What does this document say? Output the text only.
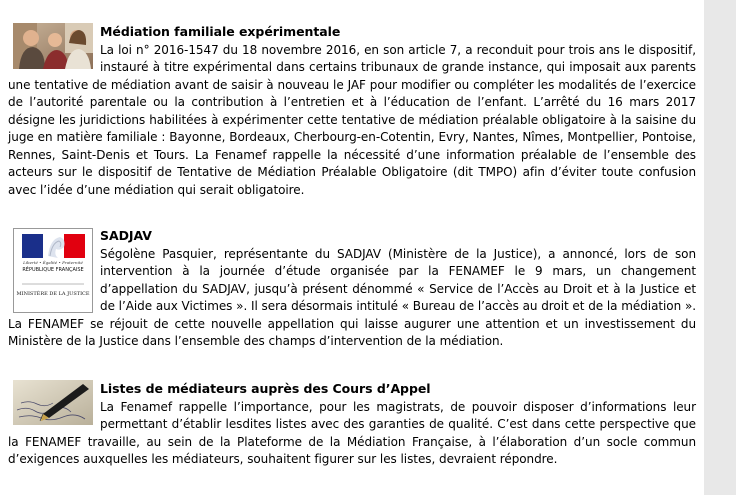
Médiation familiale expérimentale
La loi n° 2016-1547 du 18 novembre 2016, en son article 7, a reconduit pour trois ans le dispositif, instauré à titre expérimental dans certains tribunaux de grande instance, qui imposait aux parents une tentative de médiation avant de saisir à nouveau le JAF pour modifier ou compléter les modalités de l’exercice de l’autorité parentale ou la contribution à l’entretien et à l’éducation de l’enfant. L’arrêté du 16 mars 2017 désigne les juridictions habilitées à expérimenter cette tentative de médiation préalable obligatoire à la saisine du juge en matière familiale : Bayonne, Bordeaux, Cherbourg-en-Cotentin, Evry, Nantes, Nîmes, Montpellier, Pontoise, Rennes, Saint-Denis et Tours. La Fenamef rappelle la nécessité d’une information préalable de l’ensemble des acteurs sur le dispositif de Tentative de Médiation Préalable Obligatoire (dit TMPO) afin d’éviter toute confusion avec l’idée d’une médiation qui serait obligatoire.

Liberté • Égalité • Fraternité
RÉPUBLIQUE FRANÇAISE
MINISTÈRE DE LA JUSTICE

SADJAV
Ségolène Pasquier, représentante du SADJAV (Ministère de la Justice), a annoncé, lors de son intervention à la journée d’étude organisée par la FENAMEF le 9 mars, un changement d’appellation du SADJAV, jusqu’à présent dénommé « Service de l’Accès au Droit et à la Justice et de l’Aide aux Victimes ». Il sera désormais intitulé « Bureau de l’accès au droit et de la médiation ». La FENAMEF se réjouit de cette nouvelle appellation qui laisse augurer une attention et un investissement du Ministère de la Justice dans l’ensemble des champs d’intervention de la médiation.

Listes de médiateurs auprès des Cours d’Appel
La Fenamef rappelle l’importance, pour les magistrats, de pouvoir disposer d’informations leur permettant d’établir lesdites listes avec des garanties de qualité. C’est dans cette perspective que la FENAMEF travaille, au sein de la Plateforme de la Médiation Française, à l’élaboration d’un socle commun d’exigences auxquelles les médiateurs, souhaitent figurer sur les listes, devraient répondre.
